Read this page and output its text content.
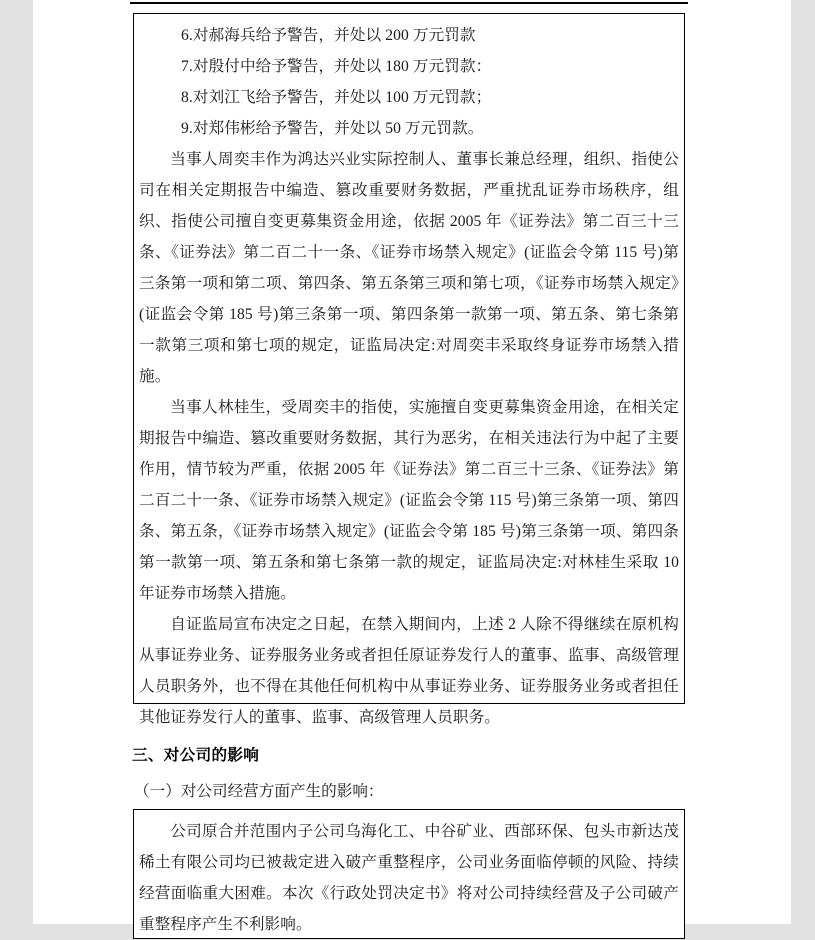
6.对郝海兵给予警告，并处以 200 万元罚款

7.对殷付中给予警告，并处以 180 万元罚款：

8.对刘江飞给予警告，并处以 100 万元罚款；

9.对郑伟彬给予警告，并处以 50 万元罚款。

当事人周奕丰作为鸿达兴业实际控制人、董事长兼总经理，组织、指使公司在相关定期报告中编造、篡改重要财务数据，严重扰乱证券市场秩序，组织、指使公司擅自变更募集资金用途，依据 2005 年《证券法》第二百三十三条、《证券法》第二百二十一条、《证券市场禁入规定》(证监会令第 115 号)第三条第一项和第二项、第四条、第五条第三项和第七项，《证券市场禁入规定》(证监会令第 185 号)第三条第一项、第四条第一款第一项、第五条、第七条第一款第三项和第七项的规定，证监局决定:对周奕丰采取终身证券市场禁入措施。

当事人林桂生，受周奕丰的指使，实施擅自变更募集资金用途，在相关定期报告中编造、篡改重要财务数据，其行为恶劣，在相关违法行为中起了主要作用，情节较为严重，依据 2005 年《证券法》第二百三十三条、《证券法》第二百二十一条、《证券市场禁入规定》(证监会令第 115 号)第三条第一项、第四条、第五条，《证券市场禁入规定》(证监会令第 185 号)第三条第一项、第四条第一款第一项、第五条和第七条第一款的规定，证监局决定:对林桂生采取 10 年证券市场禁入措施。

自证监局宣布决定之日起，在禁入期间内，上述 2 人除不得继续在原机构从事证券业务、证券服务业务或者担任原证券发行人的董事、监事、高级管理人员职务外，也不得在其他任何机构中从事证券业务、证券服务业务或者担任其他证券发行人的董事、监事、高级管理人员职务。

三、对公司的影响
（一）对公司经营方面产生的影响：

公司原合并范围内子公司乌海化工、中谷矿业、西部环保、包头市新达茂稀土有限公司均已被裁定进入破产重整程序，公司业务面临停顿的风险、持续经营面临重大困难。本次《行政处罚决定书》将对公司持续经营及子公司破产重整程序产生不利影响。
